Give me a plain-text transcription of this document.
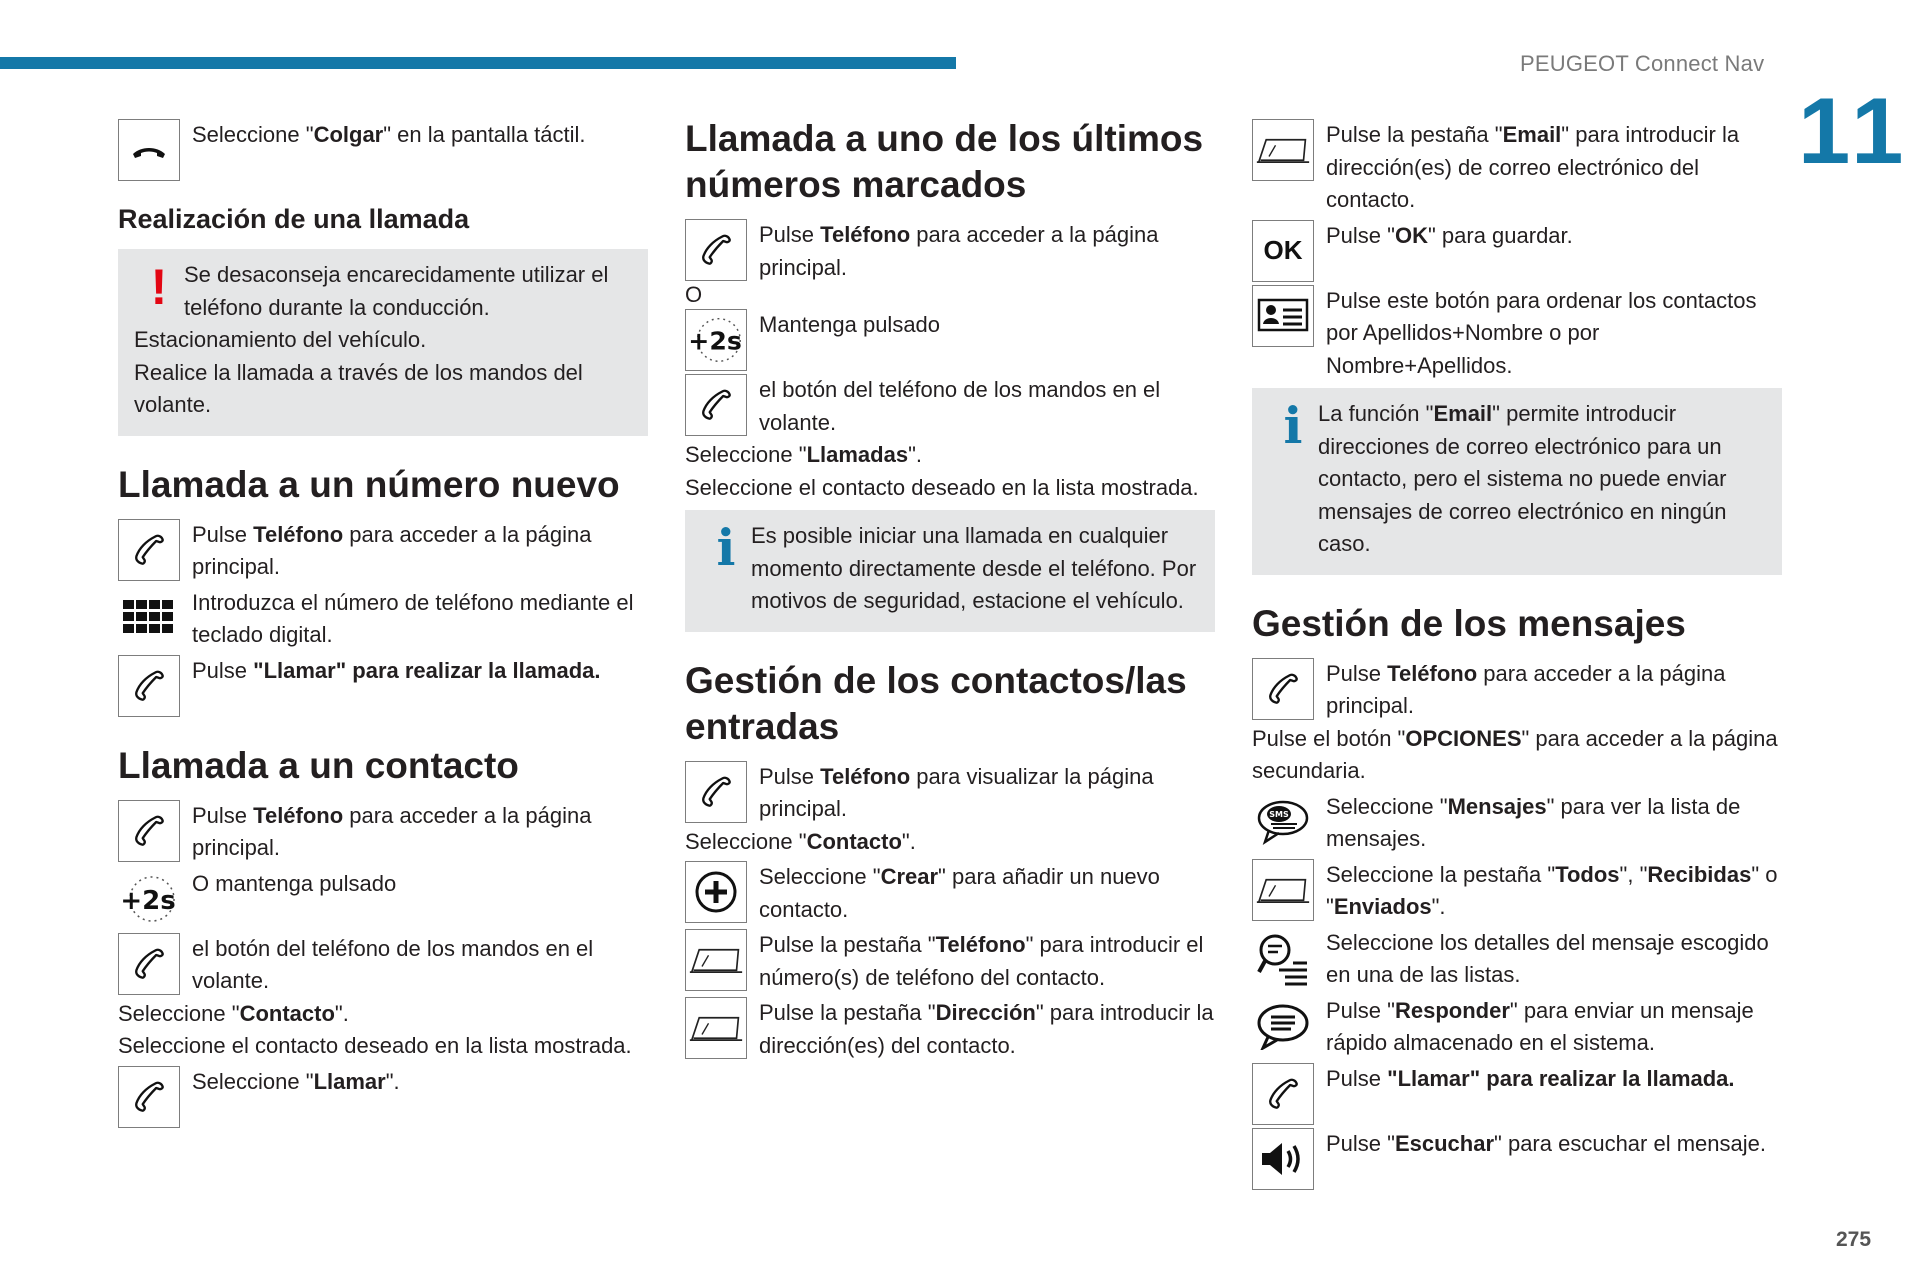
PEUGEOT Connect Nav
11
275
Seleccione "Colgar" en la pantalla táctil.
Realización de una llamada
! Se desaconseja encarecidamente utilizar el teléfono durante la conducción.
Estacionamiento del vehículo.
Realice la llamada a través de los mandos del volante.
Llamada a un número nuevo
Pulse Teléfono para acceder a la página principal.
Introduzca el número de teléfono mediante el teclado digital.
Pulse "Llamar" para realizar la llamada.
Llamada a un contacto
Pulse Teléfono para acceder a la página principal.
+2s
O mantenga pulsado
el botón del teléfono de los mandos en el volante.
Seleccione "Contacto".
Seleccione el contacto deseado en la lista mostrada.
Seleccione "Llamar".
Llamada a uno de los últimos números marcados
Pulse Teléfono para acceder a la página principal.
O
+2s
Mantenga pulsado
el botón del teléfono de los mandos en el volante.
Seleccione "Llamadas".
Seleccione el contacto deseado en la lista mostrada.
i Es posible iniciar una llamada en cualquier momento directamente desde el teléfono. Por motivos de seguridad, estacione el vehículo.
Gestión de los contactos/las entradas
Pulse Teléfono para visualizar la página principal.
Seleccione "Contacto".
Seleccione "Crear" para añadir un nuevo contacto.
Pulse la pestaña "Teléfono" para introducir el número(s) de teléfono del contacto.
Pulse la pestaña "Dirección" para introducir la dirección(es) del contacto.
Pulse la pestaña "Email" para introducir la dirección(es) de correo electrónico del contacto.
OK
Pulse "OK" para guardar.
Pulse este botón para ordenar los contactos por Apellidos+Nombre o por Nombre+Apellidos.
i La función "Email" permite introducir direcciones de correo electrónico para un contacto, pero el sistema no puede enviar mensajes de correo electrónico en ningún caso.
Gestión de los mensajes
Pulse Teléfono para acceder a la página principal.
Pulse el botón "OPCIONES" para acceder a la página secundaria.
SMS Seleccione "Mensajes" para ver la lista de mensajes.
Seleccione la pestaña "Todos", "Recibidas" o "Enviados".
Seleccione los detalles del mensaje escogido en una de las listas.
Pulse "Responder" para enviar un mensaje rápido almacenado en el sistema.
Pulse "Llamar" para realizar la llamada.
Pulse "Escuchar" para escuchar el mensaje.
